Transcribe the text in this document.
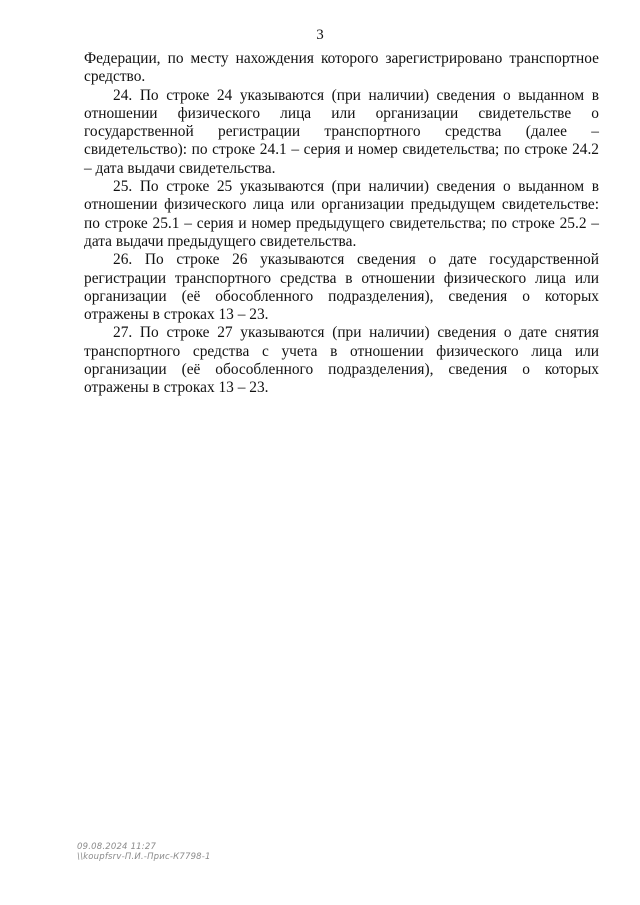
3

Федерации, по месту нахождения которого зарегистрировано транспортное средство.

24. По строке 24 указываются (при наличии) сведения о выданном в отношении физического лица или организации свидетельстве о государственной регистрации транспортного средства (далее – свидетельство): по строке 24.1 – серия и номер свидетельства; по строке 24.2 – дата выдачи свидетельства.

25. По строке 25 указываются (при наличии) сведения о выданном в отношении физического лица или организации предыдущем свидетельстве: по строке 25.1 – серия и номер предыдущего свидетельства; по строке 25.2 – дата выдачи предыдущего свидетельства.

26. По строке 26 указываются сведения о дате государственной регистрации транспортного средства в отношении физического лица или организации (её обособленного подразделения), сведения о которых отражены в строках 13 – 23.

27. По строке 27 указываются (при наличии) сведения о дате снятия транспортного средства с учета в отношении физического лица или организации (её обособленного подразделения), сведения о которых отражены в строках 13 – 23.

09.08.2024 11:27
\\koupfsrv-П.И.-Прис-К7798-1
